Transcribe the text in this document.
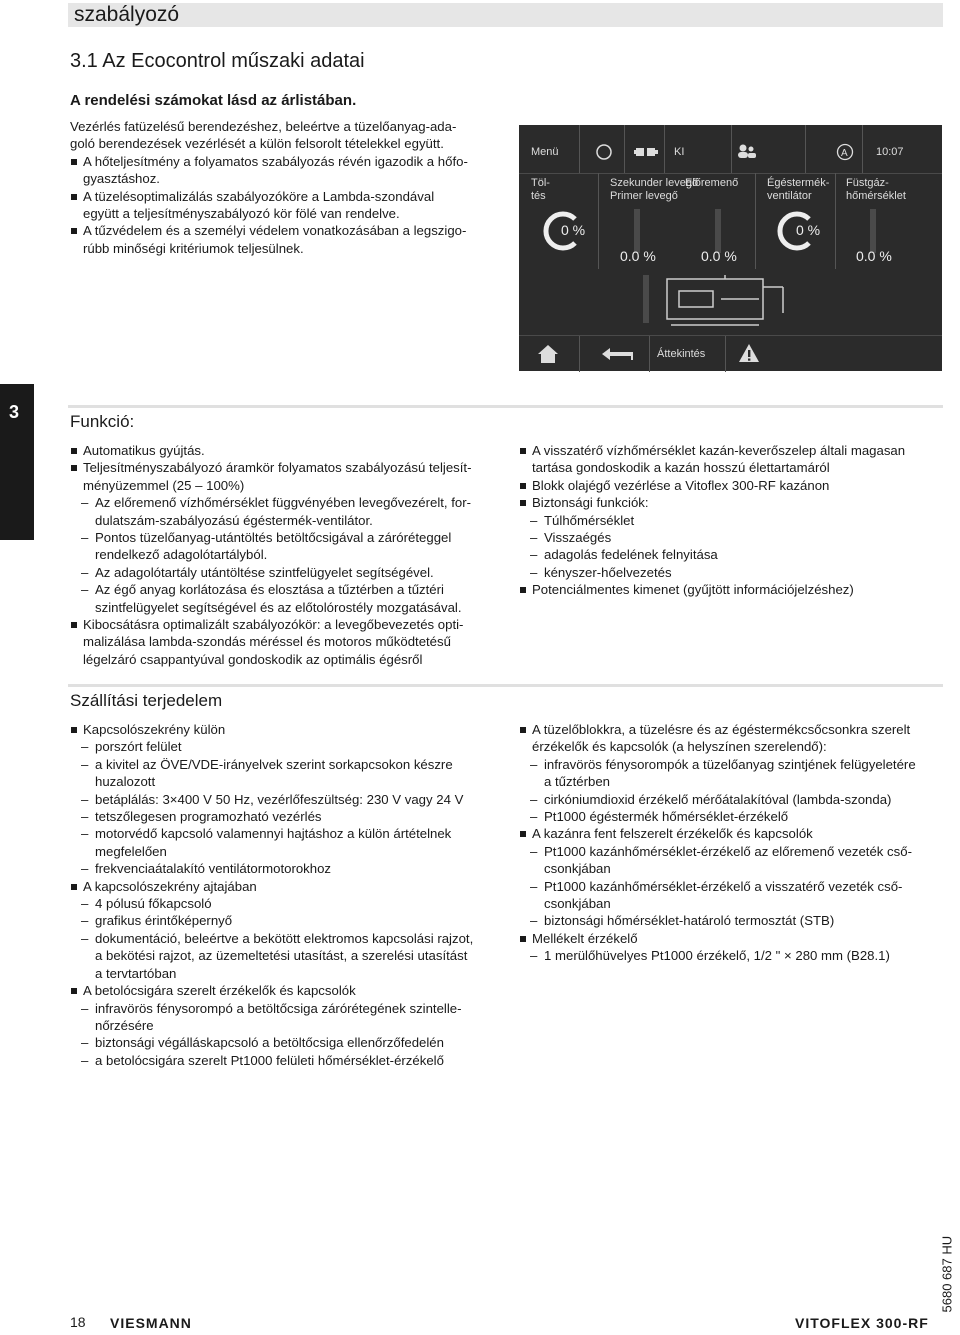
szabályozó
3.1 Az Ecocontrol műszaki adatai
A rendelési számokat lásd az árlistában.
Vezérlés fatüzelésű berendezéshez, beleértve a tüzelőanyag-ada-
goló berendezések vezérlését a külön felsorolt tételekkel együtt.
A hőteljesítmény a folyamatos szabályozás révén igazodik a hőfo-
gyasztáshoz.
A tüzelésoptimalizálás szabályozóköre a Lambda-szondával
együtt a teljesítményszabályozó kör fölé van rendelve.
A tűzvédelem és a személyi védelem vonatkozásában a legszigo-
rúbb minőségi kritériumok teljesülnek.
Menü	KI	A	10:07
Töl-
tés
0 %
Szekunder levegő
Primer levegő
0.0 %
Előremenő
0.0 %
Égéstermék-
ventilátor
0 %
Füstgáz-
hőmérséklet
0.0 %
Áttekintés
3	Funkció:
Automatikus gyújtás.
Teljesítményszabályozó áramkör folyamatos szabályozású teljesít-
ményüzemmel (25 – 100%)
– Az előremenő vízhőmérséklet függvényében levegővezérelt, for-
dulatszám-szabályozású égéstermék-ventilátor.
– Pontos tüzelőanyag-utántöltés betöltőcsigával a záróréteggel
rendelkező adagolótartályból.
– Az adagolótartály utántöltése szintfelügyelet segítségével.
– Az égő anyag korlátozása és elosztása a tűztérben a tűztéri
szintfelügyelet segítségével és az előtolórostély mozgatásával.
Kibocsátásra optimalizált szabályozókör: a levegőbevezetés opti-
malizálása lambda-szondás méréssel és motoros működtetésű
légelzáró csappantyúval gondoskodik az optimális égésről
A visszatérő vízhőmérséklet kazán-keverőszelep általi magasan
tartása gondoskodik a kazán hosszú élettartamáról
Blokk olajégő vezérlése a Vitoflex 300-RF kazánon
Biztonsági funkciók:
– Túlhőmérséklet
– Visszaégés
– adagolás fedelének felnyitása
– kényszer-hőelvezetés
Potenciálmentes kimenet (gyűjtött információjelzéshez)
Szállítási terjedelem
Kapcsolószekrény külön
– porszórt felület
– a kivitel az ÖVE/VDE-irányelvek szerint sorkapcsokon készre
huzalozott
– betáplálás: 3×400 V 50 Hz, vezérlőfeszültség: 230 V vagy 24 V
– tetszőlegesen programozható vezérlés
– motorvédő kapcsoló valamennyi hajtáshoz a külön ártételnek
megfelelően
– frekvenciaátalakító ventilátormotorokhoz
A kapcsolószekrény ajtajában
– 4 pólusú főkapcsoló
– grafikus érintőképernyő
– dokumentáció, beleértve a bekötött elektromos kapcsolási rajzot,
a bekötési rajzot, az üzemeltetési utasítást, a szerelési utasítást
a tervtartóban
A betolócsigára szerelt érzékelők és kapcsolók
– infravörös fénysorompó a betöltőcsiga zárórétegének szintelle-
nőrzésére
– biztonsági végálláskapcsoló a betöltőcsiga ellenőrzőfedelén
– a betolócsigára szerelt Pt1000 felületi hőmérséklet-érzékelő
A tüzelőblokkra, a tüzelésre és az égéstermékcsőcsonkra szerelt
érzékelők és kapcsolók (a helyszínen szerelendő):
– infravörös fénysorompók a tüzelőanyag szintjének felügyeletére
a tűztérben
– cirkóniumdioxid érzékelő mérőátalakítóval (lambda-szonda)
– Pt1000 égéstermék hőmérséklet-érzékelő
A kazánra fent felszerelt érzékelők és kapcsolók
– Pt1000 kazánhőmérséklet-érzékelő az előremenő vezeték cső-
csonkjában
– Pt1000 kazánhőmérséklet-érzékelő a visszatérő vezeték cső-
csonkjában
– biztonsági hőmérséklet-határoló termosztát (STB)
Mellékelt érzékelő
– 1 merülőhüvelyes Pt1000 érzékelő, 1/2 " × 280 mm (B28.1)
18 VIESMANN	VITOFLEX 300-RF
5680 687 HU
